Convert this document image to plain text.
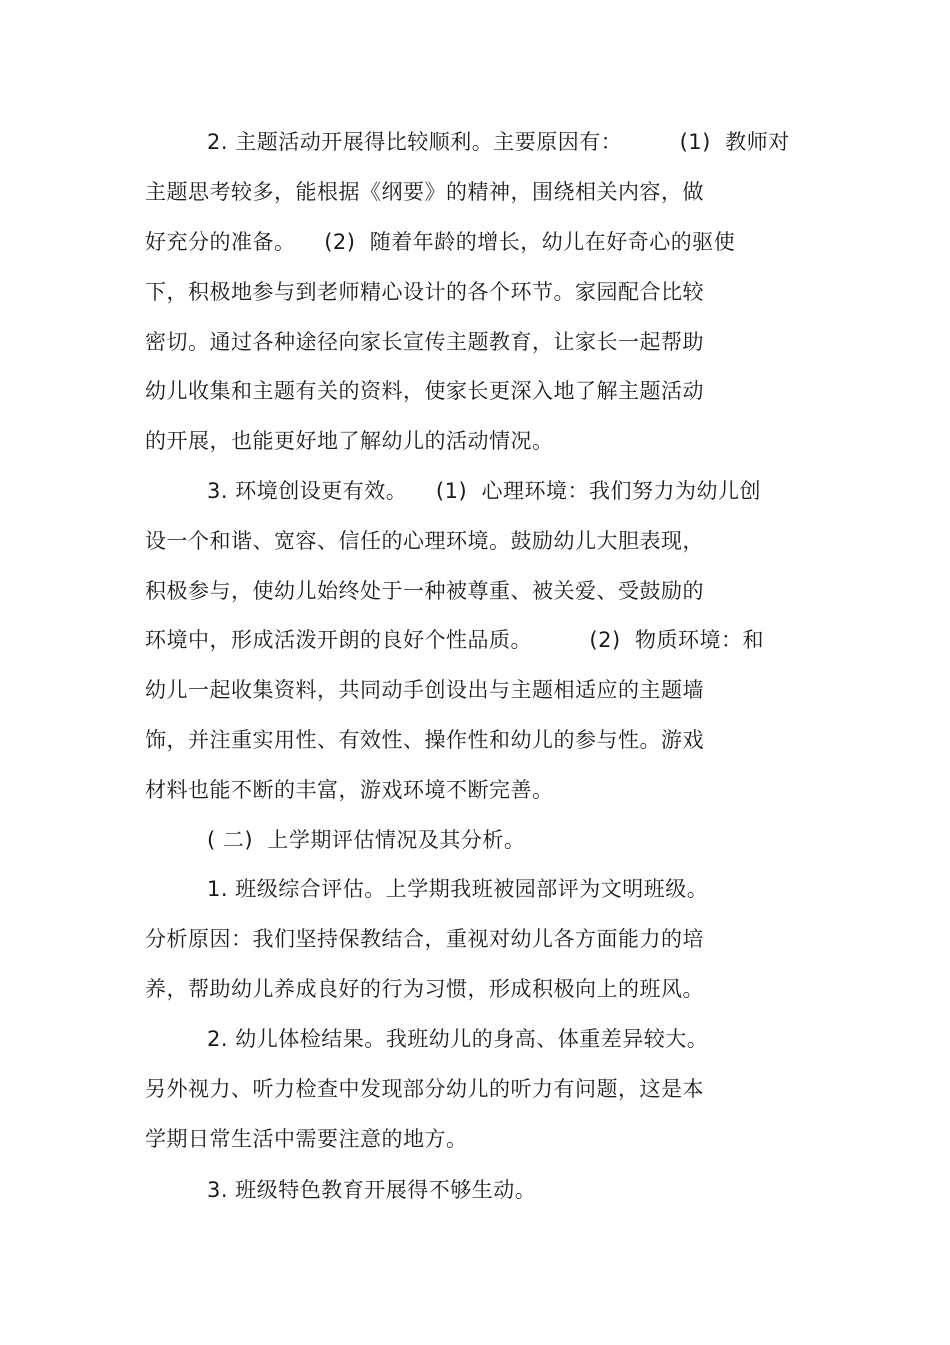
2. 主题活动开展得比较顺利。主要原因有：        (1)  教师对
主题思考较多，能根据《纲要》的精神，围绕相关内容，做
好充分的准备。    (2)  随着年龄的增长，幼儿在好奇心的驱使
下，积极地参与到老师精心设计的各个环节。家园配合比较
密切。通过各种途径向家长宣传主题教育，让家长一起帮助
幼儿收集和主题有关的资料，使家长更深入地了解主题活动
的开展，也能更好地了解幼儿的活动情况。
3. 环境创设更有效。    (1)  心理环境：我们努力为幼儿创
设一个和谐、宽容、信任的心理环境。鼓励幼儿大胆表现，
积极参与，使幼儿始终处于一种被尊重、被关爱、受鼓励的
环境中，形成活泼开朗的良好个性品质。        (2)  物质环境：和
幼儿一起收集资料，共同动手创设出与主题相适应的主题墙
饰，并注重实用性、有效性、操作性和幼儿的参与性。游戏
材料也能不断的丰富，游戏环境不断完善。
( 二)  上学期评估情况及其分析。
1. 班级综合评估。上学期我班被园部评为文明班级。
分析原因：我们坚持保教结合，重视对幼儿各方面能力的培
养，帮助幼儿养成良好的行为习惯，形成积极向上的班风。
2. 幼儿体检结果。我班幼儿的身高、体重差异较大。
另外视力、听力检查中发现部分幼儿的听力有问题，这是本
学期日常生活中需要注意的地方。
3. 班级特色教育开展得不够生动。
